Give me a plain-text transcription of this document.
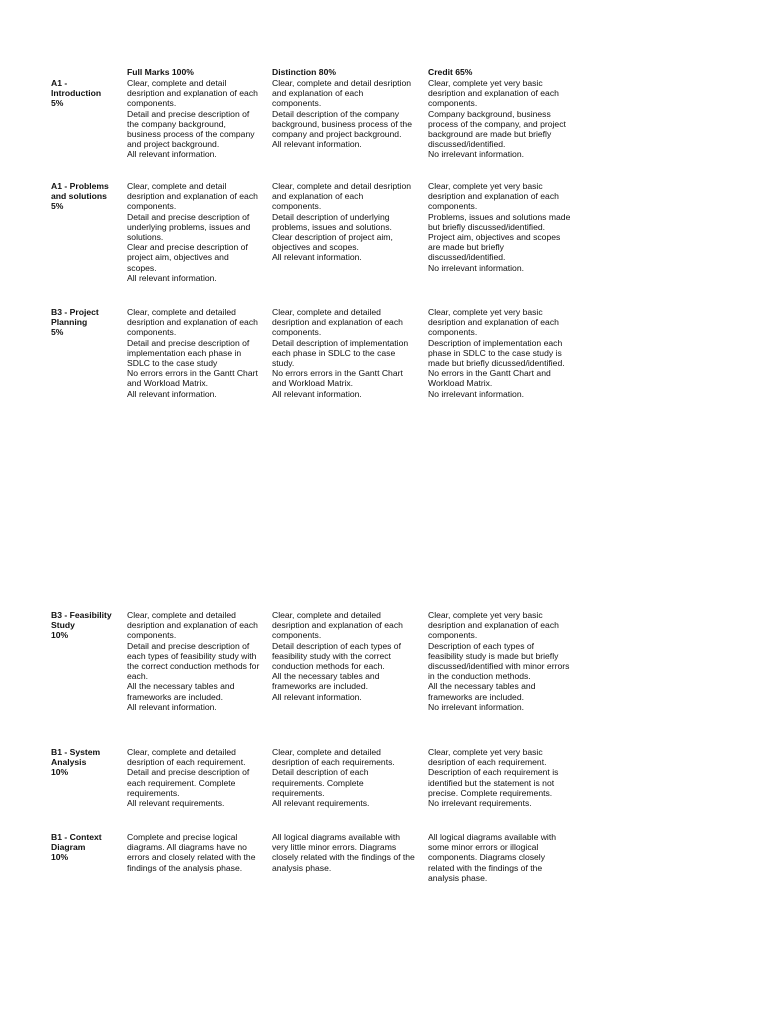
Full Marks 100%	Distinction 80%	Credit 65%
A1 -
Introduction
5%
Clear, complete and detail
desription and explanation of each
components.
Detail and precise description of
the company background,
business process of the company
and project background.
All relevant information.
Clear, complete and detail desription
and explanation of each
components.
Detail description of the company
background, business process of the
company and project background.
All relevant information.
Clear, complete yet very basic
desription and explanation of each
components.
Company background, business
process of the company, and project
background are made but briefly
discussed/identified.
No irrelevant information.
A1 - Problems
and solutions
5%
Clear, complete and detail
desription and explanation of each
components.
Detail and precise description of
underlying problems, issues and
solutions.
Clear and precise description of
project aim, objectives and
scopes.
All relevant information.
Clear, complete and detail desription
and explanation of each
components.
Detail description of underlying
problems, issues and solutions.
Clear description of project aim,
objectives and scopes.
All relevant information.
Clear, complete yet very basic
desription and explanation of each
components.
Problems, issues and solutions made
but briefly discussed/identified.
Project aim, objectives and scopes
are made but briefly
discussed/identified.
No irrelevant information.
B3 - Project
Planning
5%
Clear, complete and detailed
desription and explanation of each
components.
Detail and precise description of
implementation each phase in
SDLC to the case study
No errors errors in the Gantt Chart
and Workload Matrix.
All relevant information.
Clear, complete and detailed
desription and explanation of each
components.
Detail description of implementation
each phase in SDLC to the case
study.
No errors errors in the Gantt Chart
and Workload Matrix.
All relevant information.
Clear, complete yet very basic
desription and explanation of each
components.
Description of implementation each
phase in SDLC to the case study is
made but briefly dicussed/identified.
No errors in the Gantt Chart and
Workload Matrix.
No irrelevant information.
B3 - Feasibility
Study
10%
Clear, complete and detailed
desription and explanation of each
components.
Detail and precise description of
each types of feasibility study with
the correct conduction methods for
each.
All the necessary tables and
frameworks are included.
All relevant information.
Clear, complete and detailed
desription and explanation of each
components.
Detail description of each types of
feasibility study with the correct
conduction methods for each.
All the necessary tables and
frameworks are included.
All relevant information.
Clear, complete yet very basic
desription and explanation of each
components.
Description of each types of
feasibility study is made but briefly
discussed/identified with minor errors
in the conduction methods.
All the necessary tables and
frameworks are included.
No irrelevant information.
B1 - System
Analysis
10%
Clear, complete and detailed
desription of each requirement.
Detail and precise description of
each requirement. Complete
requirements.
All relevant requirements.
Clear, complete and detailed
desription of each requirements.
Detail description of each
requirements. Complete
requirements.
All relevant requirements.
Clear, complete yet very basic
desription of each requirement.
Description of each requirement is
identified but the statement is not
precise. Complete requirements.
No irrelevant requirements.
B1 - Context
Diagram
10%
Complete and precise logical
diagrams. All diagrams have no
errors and closely related with the
findings of the analysis phase.
All logical diagrams available with
very little minor errors. Diagrams
closely related with the findings of the
analysis phase.
All logical diagrams available with
some minor errors or illogical
components. Diagrams closely
related with the findings of the
analysis phase.
